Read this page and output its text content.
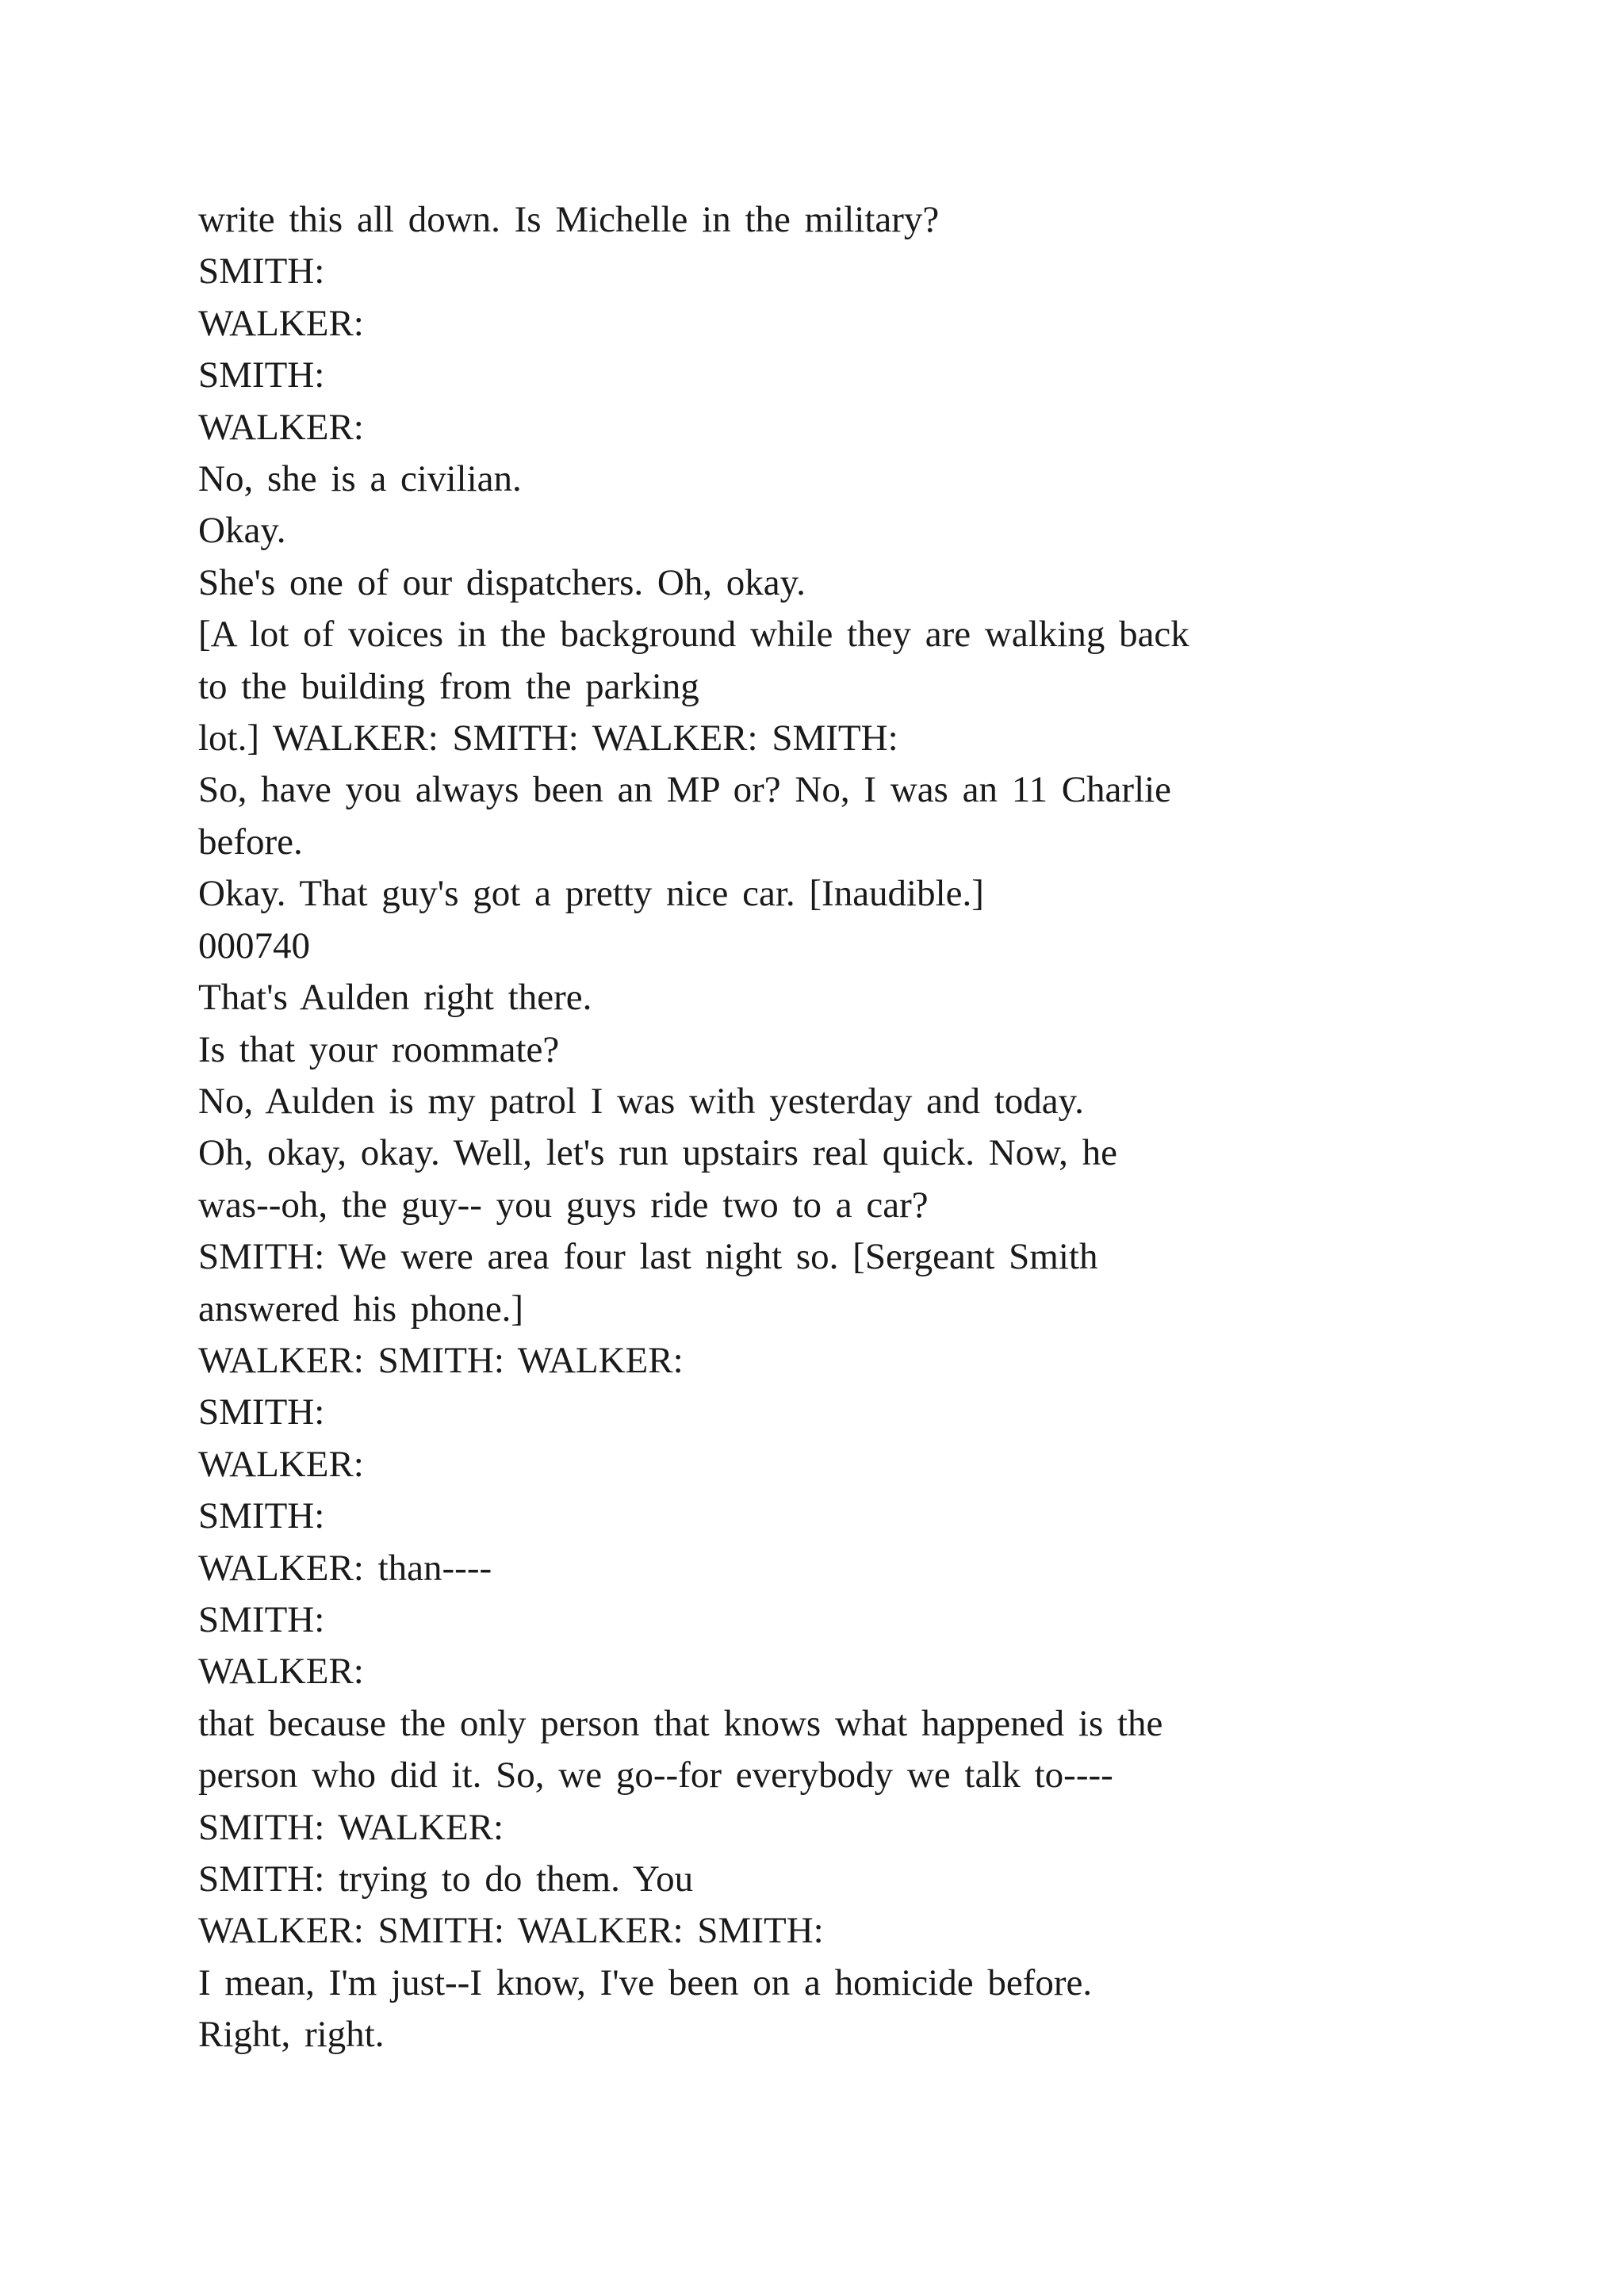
write this all down. Is Michelle in the military?

SMITH:

WALKER:

SMITH:

WALKER:

No, she is a civilian.

Okay.

She's one of our dispatchers. Oh, okay.

[A lot of voices in the background while they are walking back

to the building from the parking

lot.] WALKER: SMITH: WALKER: SMITH:

So, have you always been an MP or? No, I was an 11 Charlie

before.

Okay. That guy's got a pretty nice car. [Inaudible.]

000740

That's Aulden right there.

Is that your roommate?

No, Aulden is my patrol I was with yesterday and today.

Oh, okay, okay. Well, let's run upstairs real quick. Now, he

was--oh, the guy-- you guys ride two to a car?

SMITH: We were area four last night so. [Sergeant Smith

answered his phone.]

WALKER: SMITH: WALKER:

SMITH:

WALKER:

SMITH:

WALKER: than----

SMITH:

WALKER:

that because the only person that knows what happened is the

person who did it. So, we go--for everybody we talk to----

SMITH: WALKER:

SMITH: trying to do them. You

WALKER: SMITH: WALKER: SMITH:

I mean, I'm just--I know, I've been on a homicide before.

Right, right.
